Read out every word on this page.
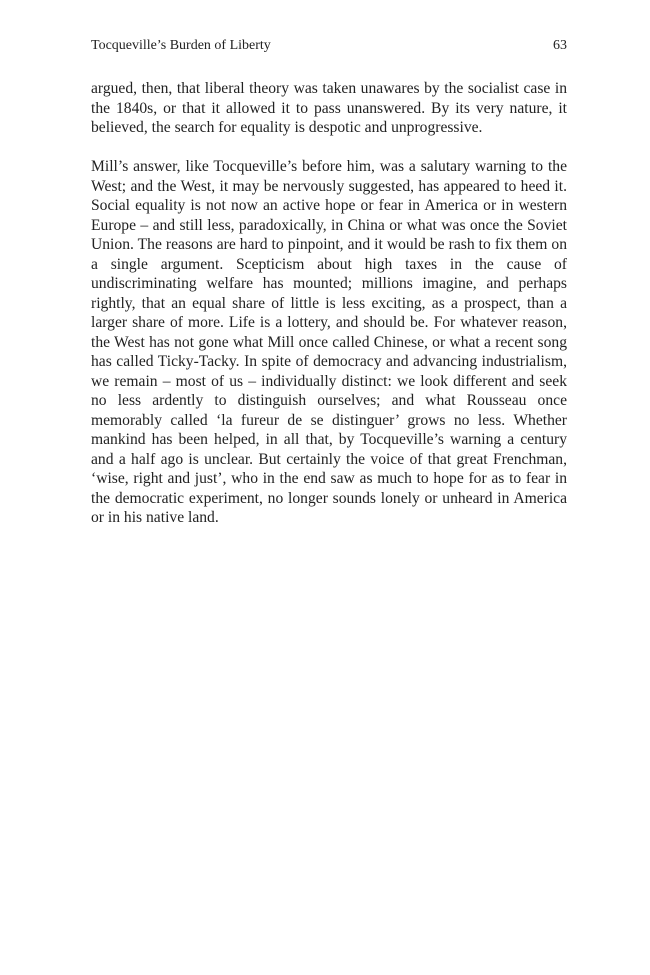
Tocqueville’s Burden of Liberty	63

argued, then, that liberal theory was taken unawares by the socialist case in the 1840s, or that it allowed it to pass unanswered. By its very nature, it believed, the search for equality is despotic and unprogressive.

Mill’s answer, like Tocqueville’s before him, was a salutary warning to the West; and the West, it may be nervously suggested, has appeared to heed it. Social equality is not now an active hope or fear in America or in western Europe – and still less, paradoxically, in China or what was once the Soviet Union. The reasons are hard to pinpoint, and it would be rash to fix them on a single argument. Scepticism about high taxes in the cause of undiscriminating welfare has mounted; millions imagine, and perhaps rightly, that an equal share of little is less exciting, as a prospect, than a larger share of more. Life is a lottery, and should be. For whatever reason, the West has not gone what Mill once called Chinese, or what a recent song has called Ticky-Tacky. In spite of democracy and advancing industrialism, we remain – most of us – individually distinct: we look different and seek no less ardently to distinguish ourselves; and what Rousseau once memorably called ‘la fureur de se distinguer’ grows no less. Whether mankind has been helped, in all that, by Tocqueville’s warning a century and a half ago is unclear. But certainly the voice of that great Frenchman, ‘wise, right and just’, who in the end saw as much to hope for as to fear in the democratic experiment, no longer sounds lonely or unheard in America or in his native land.
